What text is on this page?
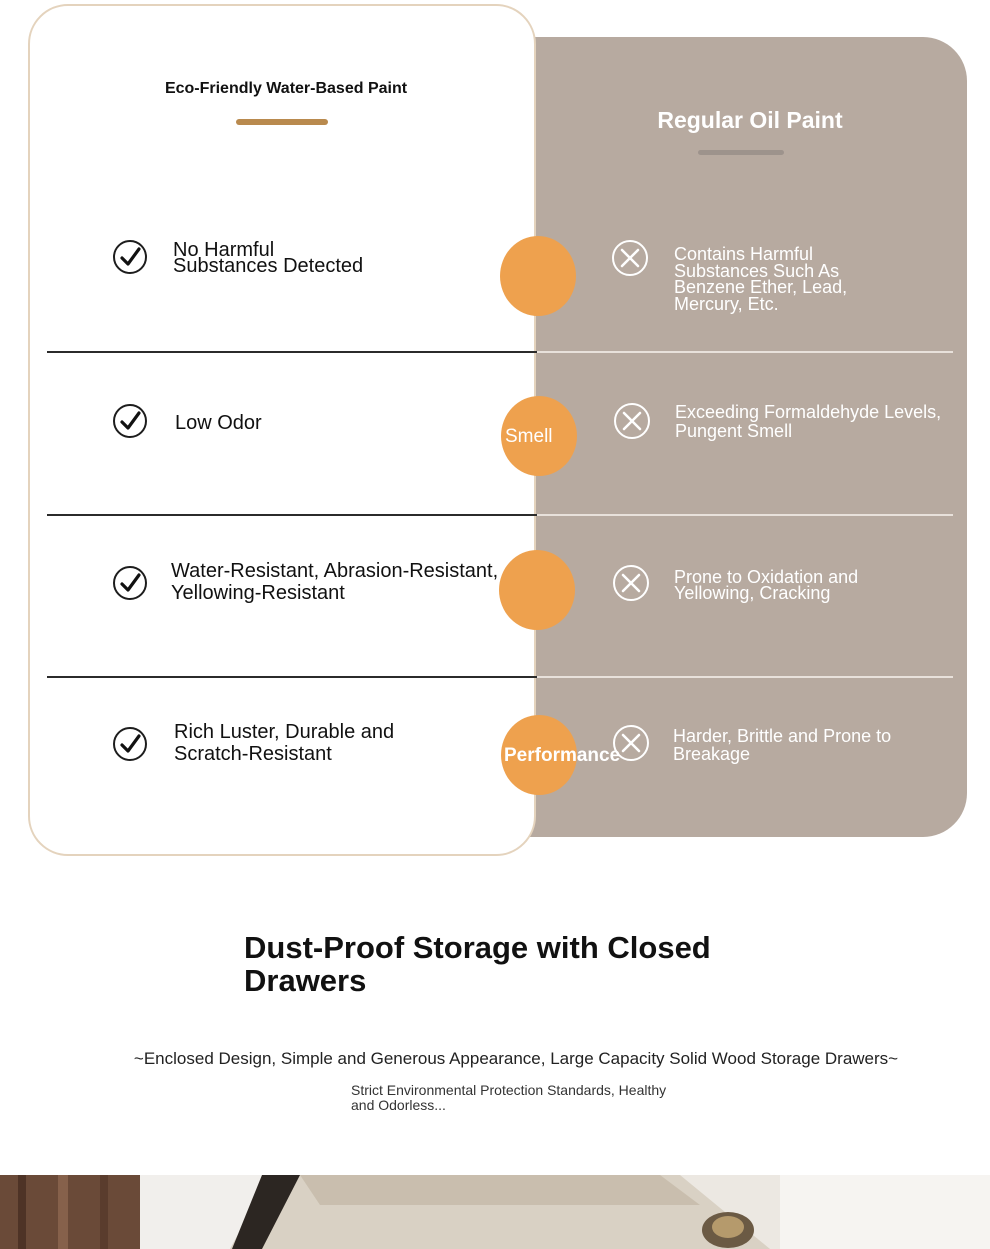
Eco-Friendly Water-Based Paint
Regular Oil Paint
No Harmful Substances Detected
Contains Harmful Substances Such As Benzene Ether, Lead, Mercury, Etc.
Low Odor
Smell
Exceeding Formaldehyde Levels, Pungent Smell
Water-Resistant, Abrasion-Resistant, Yellowing-Resistant
Prone to Oxidation and Yellowing, Cracking
Rich Luster, Durable and Scratch-Resistant	Performance
Harder, Brittle and Prone to Breakage
Dust-Proof Storage with Closed Drawers
~Enclosed Design, Simple and Generous Appearance, Large Capacity Solid Wood Storage Drawers~
Strict Environmental Protection Standards, Healthy and Odorless...
